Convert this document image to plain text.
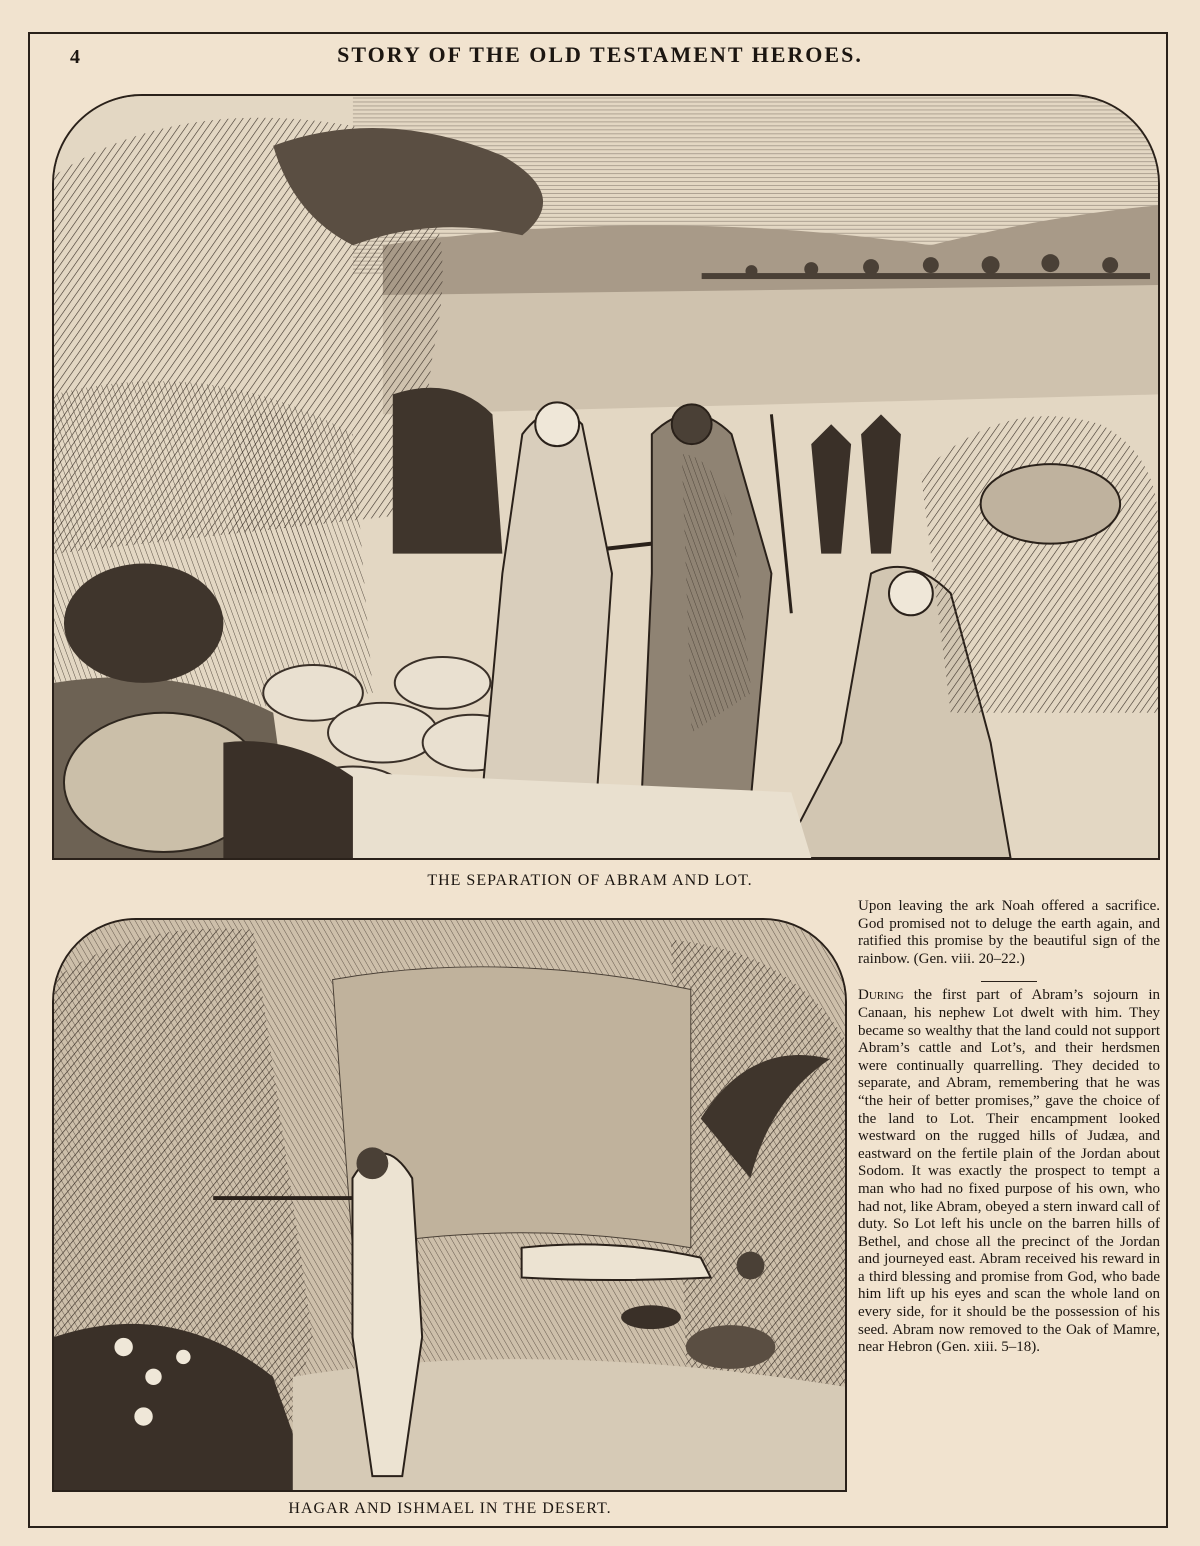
4	STORY OF THE OLD TESTAMENT HEROES.
THE SEPARATION OF ABRAM AND LOT.
HAGAR AND ISHMAEL IN THE DESERT.

Upon leaving the ark Noah offered a sacrifice. God promised not to deluge the earth again, and ratified this promise by the beautiful sign of the rainbow. (Gen. viii. 20–22.)

During the first part of Abram’s sojourn in Canaan, his nephew Lot dwelt with him. They became so wealthy that the land could not support Abram’s cattle and Lot’s, and their herdsmen were continually quarrelling. They decided to separate, and Abram, remembering that he was “the heir of better promises,” gave the choice of the land to Lot. Their encampment looked westward on the rugged hills of Judæa, and eastward on the fertile plain of the Jordan about Sodom. It was exactly the prospect to tempt a man who had no fixed purpose of his own, who had not, like Abram, obeyed a stern inward call of duty. So Lot left his uncle on the barren hills of Bethel, and chose all the precinct of the Jordan and journeyed east. Abram received his reward in a third blessing and promise from God, who bade him lift up his eyes and scan the whole land on every side, for it should be the possession of his seed. Abram now removed to the Oak of Mamre, near Hebron (Gen. xiii. 5–18).
